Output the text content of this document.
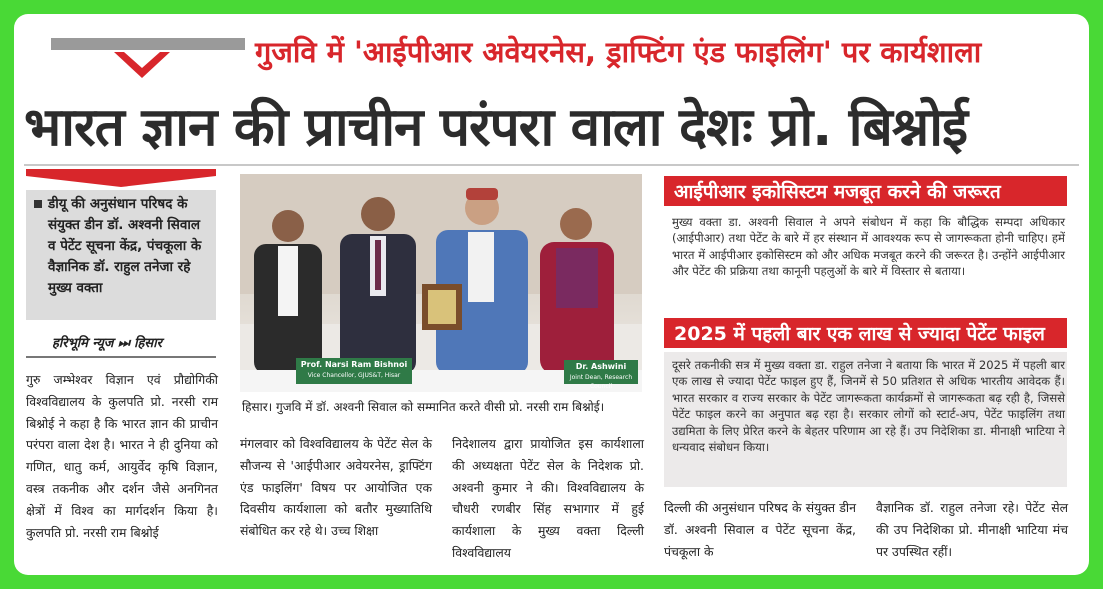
गुजवि में 'आईपीआर अवेयरनेस, ड्राफ्टिंग एंड फाइलिंग' पर कार्यशाला
भारत ज्ञान की प्राचीन परंपरा वाला देशः प्रो. बिश्नोई
डीयू की अनुसंधान परिषद के संयुक्त डीन डॉ. अश्वनी सिवाल व पेटेंट सूचना केंद्र, पंचकूला के वैज्ञानिक डॉ. राहुल तनेजा रहे मुख्य वक्ता
हरिभूमि न्यूज ⏭ हिसार
गुरु जम्भेश्वर विज्ञान एवं प्रौद्योगिकी विश्वविद्यालय के कुलपति प्रो. नरसी राम बिश्नोई ने कहा है कि भारत ज्ञान की प्राचीन परंपरा वाला देश है। भारत ने ही दुनिया को गणित, धातु कर्म, आयुर्वेद कृषि विज्ञान, वस्त्र तकनीक और दर्शन जैसे अनगिनत क्षेत्रों में विश्व का मार्गदर्शन किया है। कुलपति प्रो. नरसी राम बिश्नोई
Prof. Narsi Ram Bishnoi
Vice Chancellor, GJUS&T, Hisar
Dr. Ashwini
Joint Dean, Research Council
हिसार। गुजवि में डॉ. अश्वनी सिवाल को सम्मानित करते वीसी प्रो. नरसी राम बिश्नोई।
मंगलवार को विश्वविद्यालय के पेटेंट सेल के सौजन्य से 'आईपीआर अवेयरनेस, ड्राफ्टिंग एंड फाइलिंग' विषय पर आयोजित एक दिवसीय कार्यशाला को बतौर मुख्यातिथि संबोधित कर रहे थे। उच्च शिक्षा
निदेशालय द्वारा प्रायोजित इस कार्यशाला की अध्यक्षता पेटेंट सेल के निदेशक प्रो. अश्वनी कुमार ने की। विश्वविद्यालय के चौधरी रणबीर सिंह सभागार में हुई कार्यशाला के मुख्य वक्ता दिल्ली विश्वविद्यालय
आईपीआर इकोसिस्टम मजबूत करने की जरूरत
मुख्य वक्ता डा. अश्वनी सिवाल ने अपने संबोधन में कहा कि बौद्धिक सम्पदा अधिकार (आईपीआर) तथा पेटेंट के बारे में हर संस्थान में आवश्यक रूप से जागरूकता होनी चाहिए। हमें भारत में आईपीआर इकोसिस्टम को और अधिक मजबूत करने की जरूरत है। उन्होंने आईपीआर और पेटेंट की प्रक्रिया तथा कानूनी पहलुओं के बारे में विस्तार से बताया।
2025 में पहली बार एक लाख से ज्यादा पेटेंट फाइल
दूसरे तकनीकी सत्र में मुख्य वक्ता डा. राहुल तनेजा ने बताया कि भारत में 2025 में पहली बार एक लाख से ज्यादा पेटेंट फाइल हुए हैं, जिनमें से 50 प्रतिशत से अधिक भारतीय आवेदक हैं। भारत सरकार व राज्य सरकार के पेटेंट जागरूकता कार्यक्रमों से जागरूकता बढ़ रही है, जिससे पेटेंट फाइल करने का अनुपात बढ़ रहा है। सरकार लोगों को स्टार्ट-अप, पेटेंट फाइलिंग तथा उद्यमिता के लिए प्रेरित करने के बेहतर परिणाम आ रहे हैं। उप निदेशिका डा. मीनाक्षी भाटिया ने धन्यवाद संबोधन किया।
दिल्ली की अनुसंधान परिषद के संयुक्त डीन डॉ. अश्वनी सिवाल व पेटेंट सूचना केंद्र, पंचकूला के
वैज्ञानिक डॉ. राहुल तनेजा रहे। पेटेंट सेल की उप निदेशिका प्रो. मीनाक्षी भाटिया मंच पर उपस्थित रहीं।
